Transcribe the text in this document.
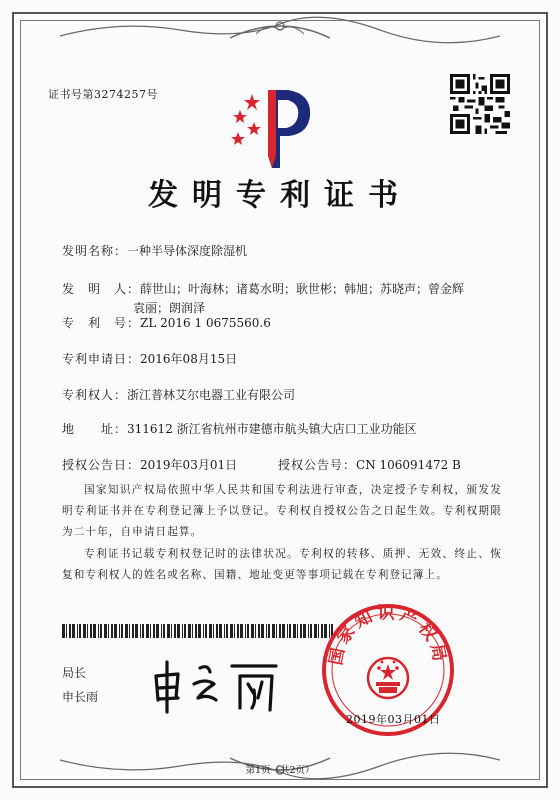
证书号第3274257号
发明专利证书
发明名称：一种半导体深度除湿机
发　明　人：薛世山；叶海林；诸葛水明；耿世彬；韩旭；苏晓声；曾金辉
袁丽；朗润泽
专　利　号：ZL 2016 1 0675560.6
专利申请日：2016年08月15日
专利权人：浙江普林艾尔电器工业有限公司
地　　址：311612 浙江省杭州市建德市航头镇大店口工业功能区
授权公告日：2019年03月01日	授权公告号：CN 106091472 B
国家知识产权局依照中华人民共和国专利法进行审查，决定授予专利权，颁发发明专利证书并在专利登记簿上予以登记。专利权自授权公告之日起生效。专利权期限为二十年，自申请日起算。
专利证书记载专利权登记时的法律状况。专利权的转移、质押、无效、终止、恢复和专利权人的姓名或名称、国籍、地址变更等事项记载在专利登记簿上。
局长
申长雨
国家知识产权局
2019年03月01日
第1页（共2页）
